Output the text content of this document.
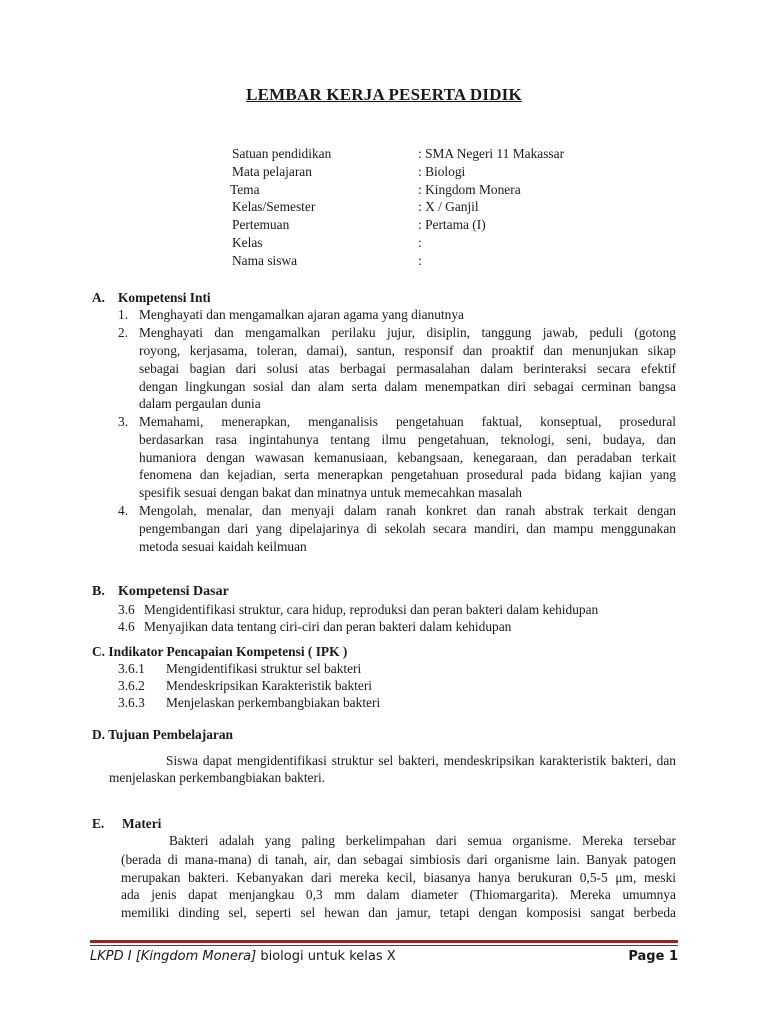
LEMBAR KERJA PESERTA DIDIK
Satuan pendidikan	: SMA Negeri 11 Makassar
Mata pelajaran	: Biologi
Tema	: Kingdom Monera
Kelas/Semester	: X / Ganjil
Pertemuan	: Pertama (I)
Kelas	:
Nama siswa	:
A. Kompetensi Inti
1. Menghayati dan mengamalkan ajaran agama yang dianutnya
2. Menghayati dan mengamalkan perilaku jujur, disiplin, tanggung jawab, peduli (gotong
royong, kerjasama, toleran, damai), santun, responsif dan proaktif dan menunjukan sikap
sebagai bagian dari solusi atas berbagai permasalahan dalam berinteraksi secara efektif
dengan lingkungan sosial dan alam serta dalam menempatkan diri sebagai cerminan bangsa
dalam pergaulan dunia
3. Memahami, menerapkan, menganalisis pengetahuan faktual, konseptual, prosedural
berdasarkan rasa ingintahunya tentang ilmu pengetahuan, teknologi, seni, budaya, dan
humaniora dengan wawasan kemanusiaan, kebangsaan, kenegaraan, dan peradaban terkait
fenomena dan kejadian, serta menerapkan pengetahuan prosedural pada bidang kajian yang
spesifik sesuai dengan bakat dan minatnya untuk memecahkan masalah
4. Mengolah, menalar, dan menyaji dalam ranah konkret dan ranah abstrak terkait dengan
pengembangan dari yang dipelajarinya di sekolah secara mandiri, dan mampu menggunakan
metoda sesuai kaidah keilmuan
B. Kompetensi Dasar
3.6 Mengidentifikasi struktur, cara hidup, reproduksi dan peran bakteri dalam kehidupan
4.6 Menyajikan data tentang ciri-ciri dan peran bakteri dalam kehidupan
C. Indikator Pencapaian Kompetensi ( IPK )
3.6.1 Mengidentifikasi struktur sel bakteri
3.6.2 Mendeskripsikan Karakteristik bakteri
3.6.3 Menjelaskan perkembangbiakan bakteri
D. Tujuan Pembelajaran
Siswa dapat mengidentifikasi struktur sel bakteri, mendeskripsikan karakteristik bakteri, dan
menjelaskan perkembangbiakan bakteri.
E. Materi
Bakteri adalah yang paling berkelimpahan dari semua organisme. Mereka tersebar
(berada di mana-mana) di tanah, air, dan sebagai simbiosis dari organisme lain. Banyak patogen
merupakan bakteri. Kebanyakan dari mereka kecil, biasanya hanya berukuran 0,5-5 μm, meski
ada jenis dapat menjangkau 0,3 mm dalam diameter (Thiomargarita). Mereka umumnya
memiliki dinding sel, seperti sel hewan dan jamur, tetapi dengan komposisi sangat berbeda
LKPD I [Kingdom Monera] biologi untuk kelas X	Page 1
